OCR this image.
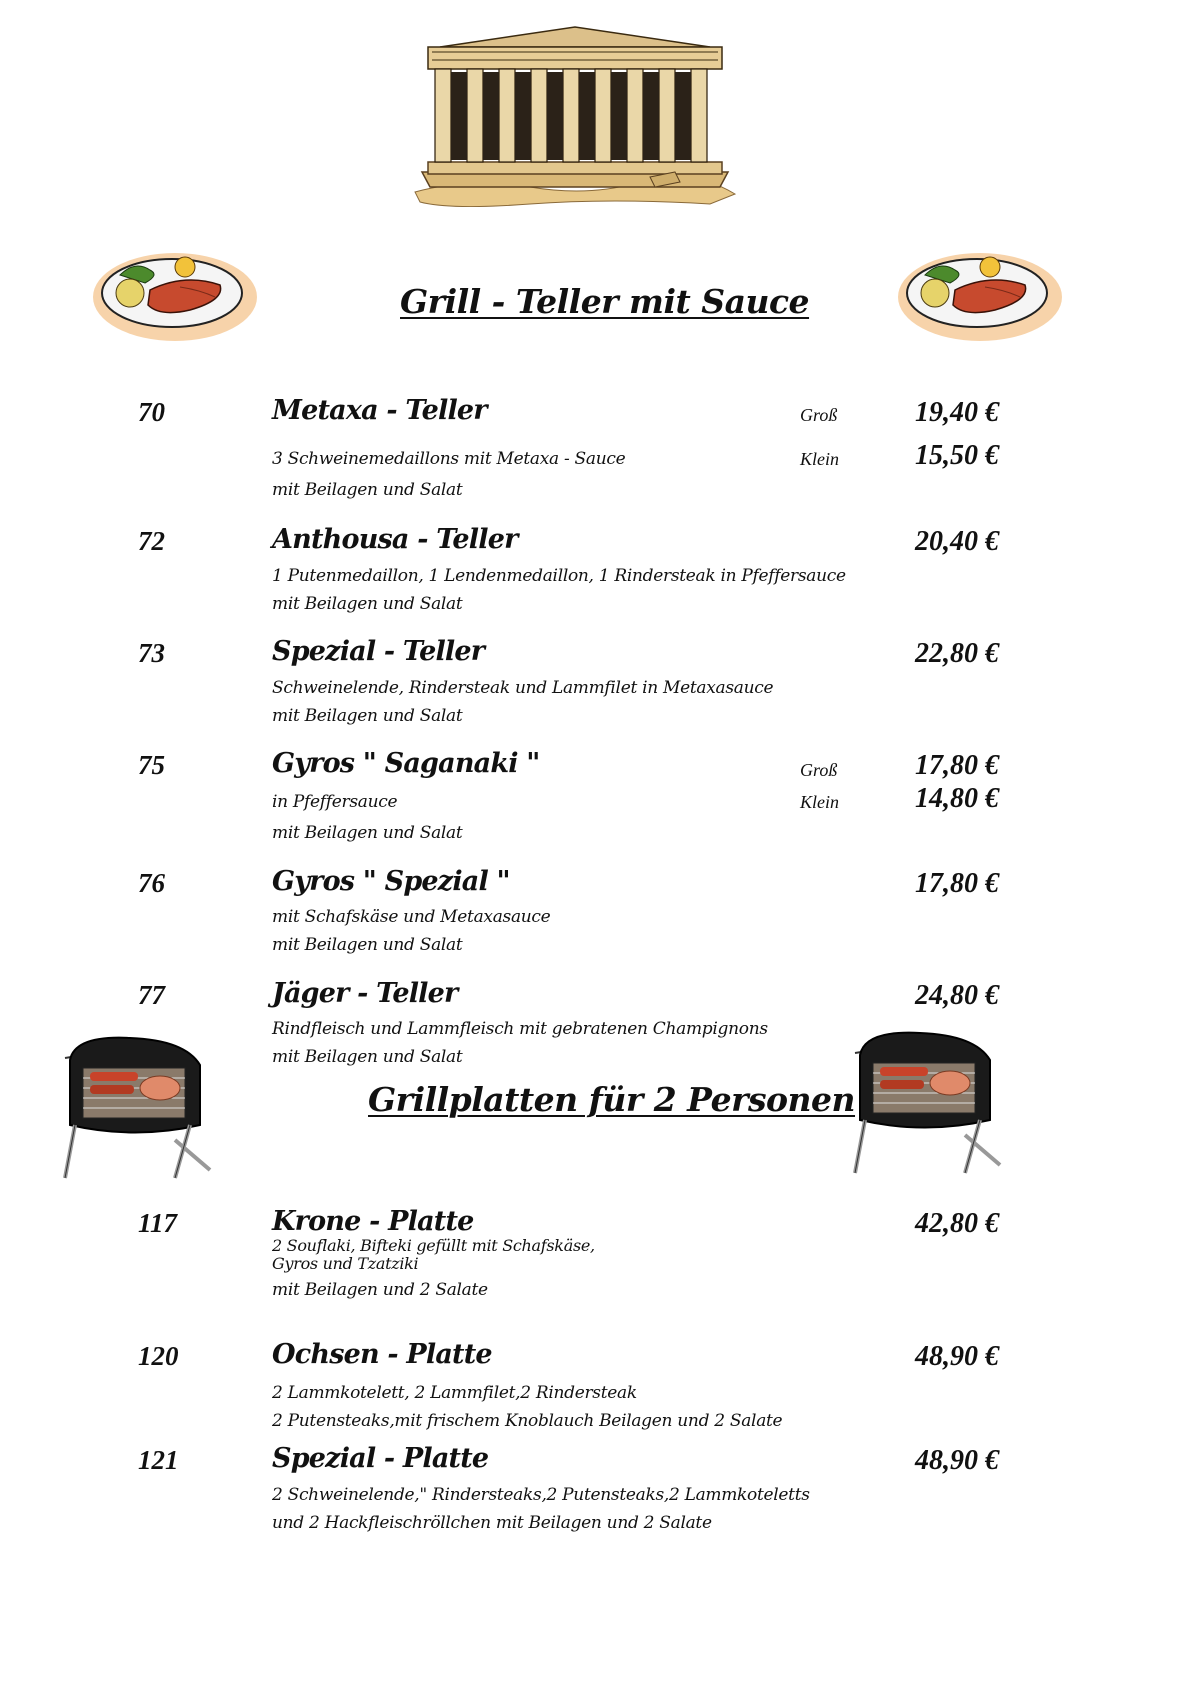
Grill - Teller mit Sauce
70	Metaxa - Teller	Groß	19,40 €
3 Schweinemedaillons mit Metaxa - Sauce	Klein	15,50 €
mit Beilagen und Salat
72	Anthousa - Teller	20,40 €
1 Putenmedaillon, 1 Lendenmedaillon, 1 Rindersteak in Pfeffersauce
mit Beilagen und Salat
73	Spezial - Teller	22,80 €
Schweinelende, Rindersteak und Lammfilet in Metaxasauce
mit Beilagen und Salat
75	Gyros " Saganaki "	Groß	17,80 €
in Pfeffersauce	Klein	14,80 €
mit Beilagen und Salat
76	Gyros " Spezial "	17,80 €
mit Schafskäse und Metaxasauce
mit Beilagen und Salat
77	Jäger - Teller	24,80 €
Rindfleisch und Lammfleisch mit gebratenen Champignons
mit Beilagen und Salat
Grillplatten für 2 Personen
117	Krone - Platte	42,80 €
2 Souflaki, Bifteki gefüllt mit Schafskäse,
Gyros und Tzatziki
mit Beilagen und 2 Salate
120	Ochsen - Platte	48,90 €
2 Lammkotelett, 2 Lammfilet,2 Rindersteak
2 Putensteaks,mit frischem Knoblauch Beilagen und 2 Salate
121	Spezial - Platte	48,90 €
2 Schweinelende," Rindersteaks,2 Putensteaks,2 Lammkoteletts
und 2 Hackfleischröllchen mit Beilagen und 2 Salate
